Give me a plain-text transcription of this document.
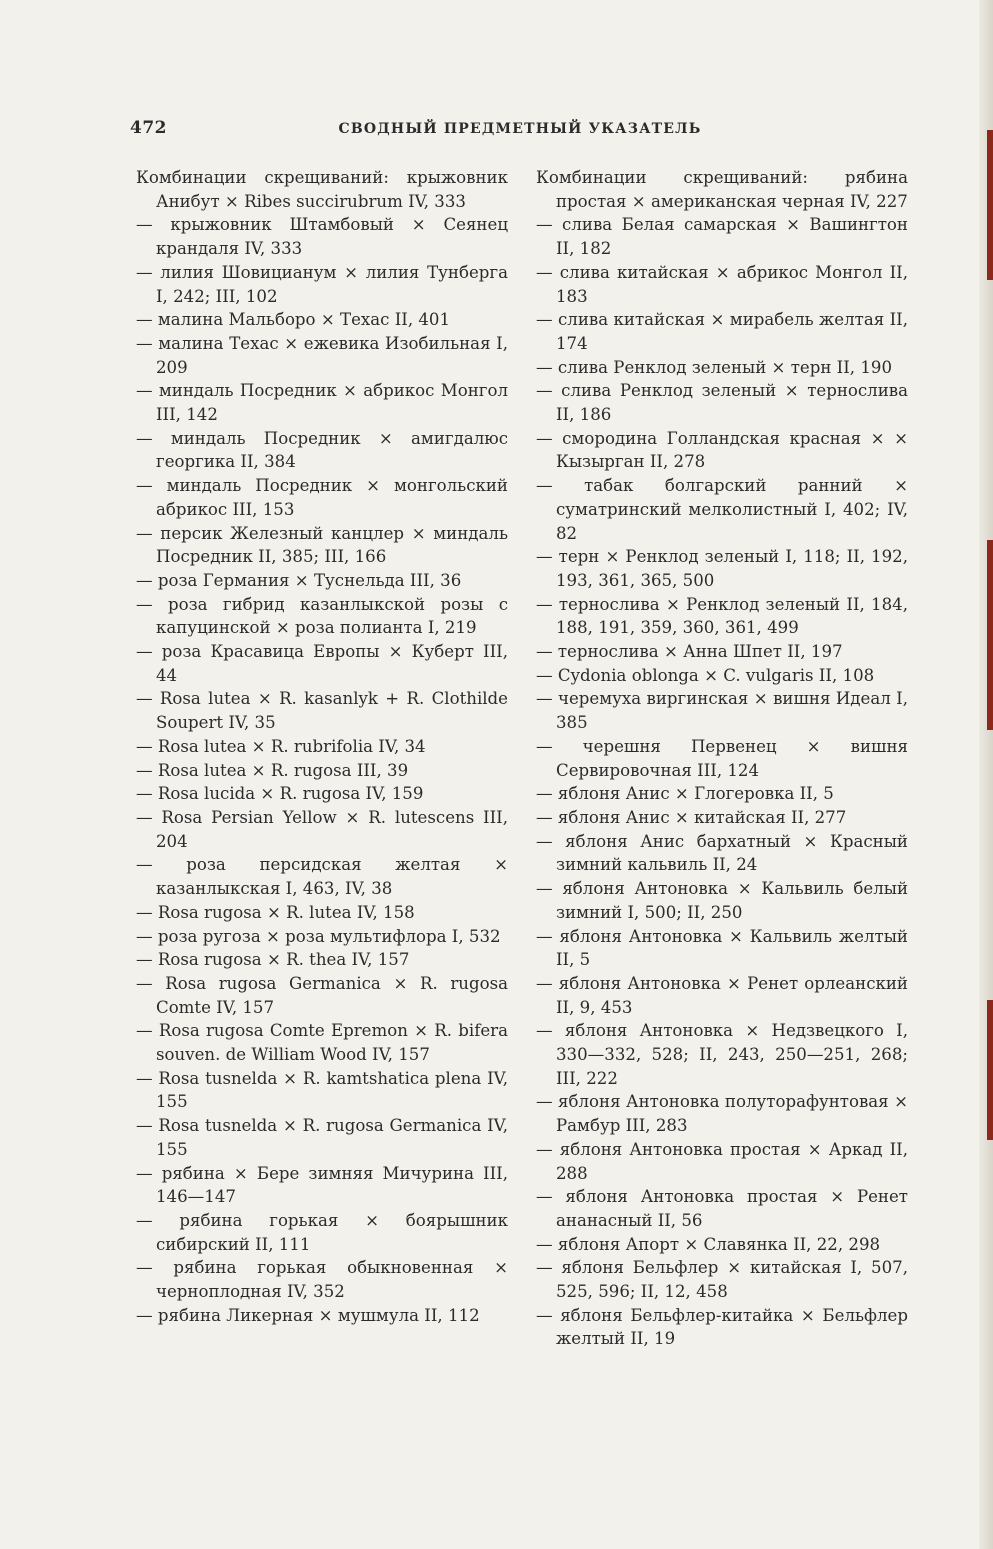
472	СВОДНЫЙ ПРЕДМЕТНЫЙ УКАЗАТЕЛЬ

Комбинации скрещиваний: крыжовник Анибут × Ribes succirubrum IV, 333

— крыжовник Штамбовый × Сеянец крандаля IV, 333

— лилия Шовицианум × лилия Тунберга I, 242; III, 102

— малина Мальборо × Техас II, 401

— малина Техас × ежевика Изобильная I, 209

— миндаль Посредник × абрикос Монгол III, 142

— миндаль Посредник × амигдалюс георгика II, 384

— миндаль Посредник × монгольский абрикос III, 153

— персик Железный канцлер × миндаль Посредник II, 385; III, 166

— роза Германия × Туснельда III, 36

— роза гибрид казанлыкской розы с капуцинской × роза полианта I, 219

— роза Красавица Европы × Куберт III, 44

— Rosa lutea × R. kasanlyk + R. Clothilde Soupert IV, 35

— Rosa lutea × R. rubrifolia IV, 34

— Rosa lutea × R. rugosa III, 39

— Rosa lucida × R. rugosa IV, 159

— Rosa Persian Yellow × R. lutescens III, 204

— роза персидская желтая × казанлыкская I, 463, IV, 38

— Rosa rugosa × R. lutea IV, 158

— роза ругоза × роза мультифлора I, 532

— Rosa rugosa × R. thea IV, 157

— Rosa rugosa Germanica × R. rugosa Comte IV, 157

— Rosa rugosa Comte Epremon × R. bifera souven. de William Wood IV, 157

— Rosa tusnelda × R. kamtshatica plena IV, 155

— Rosa tusnelda × R. rugosa Germanica IV, 155

— рябина × Бере зимняя Мичурина III, 146—147

— рябина горькая × боярышник сибирский II, 111

— рябина горькая обыкновенная × черноплодная IV, 352

— рябина Ликерная × мушмула II, 112

Комбинации скрещиваний: рябина простая × американская черная IV, 227

— слива Белая самарская × Вашингтон II, 182

— слива китайская × абрикос Монгол II, 183

— слива китайская × мирабель желтая II, 174

— слива Ренклод зеленый × терн II, 190

— слива Ренклод зеленый × тернослива II, 186

— смородина Голландская красная × × Кызырган II, 278

— табак болгарский ранний × суматринский мелколистный I, 402; IV, 82

— терн × Ренклод зеленый I, 118; II, 192, 193, 361, 365, 500

— тернослива × Ренклод зеленый II, 184, 188, 191, 359, 360, 361, 499

— тернослива × Анна Шпет II, 197

— Cydonia oblonga × C. vulgaris II, 108

— черемуха виргинская × вишня Идеал I, 385

— черешня Первенец × вишня Сервировочная III, 124

— яблоня Анис × Глогеровка II, 5

— яблоня Анис × китайская II, 277

— яблоня Анис бархатный × Красный зимний кальвиль II, 24

— яблоня Антоновка × Кальвиль белый зимний I, 500; II, 250

— яблоня Антоновка × Кальвиль желтый II, 5

— яблоня Антоновка × Ренет орлеанский II, 9, 453

— яблоня Антоновка × Недзвецкого I, 330—332, 528; II, 243, 250—251, 268; III, 222

— яблоня Антоновка полуторафунтовая × Рамбур III, 283

— яблоня Антоновка простая × Аркад II, 288

— яблоня Антоновка простая × Ренет ананасный II, 56

— яблоня Апорт × Славянка II, 22, 298

— яблоня Бельфлер × китайская I, 507, 525, 596; II, 12, 458

— яблоня Бельфлер-китайка × Бельфлер желтый II, 19
